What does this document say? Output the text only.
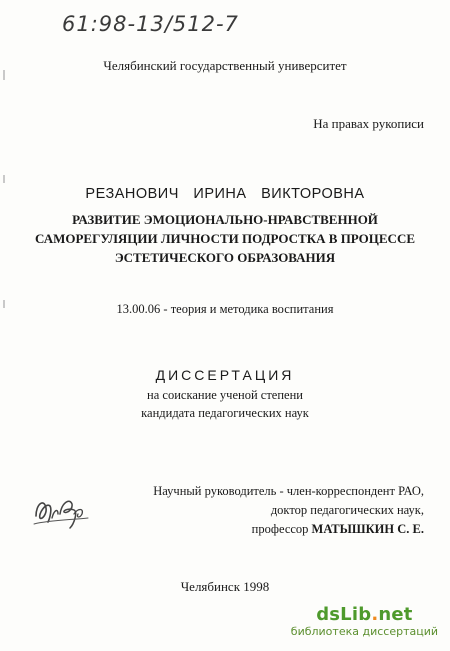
61:98-13/512-7
Челябинский государственный университет
На правах рукописи
РЕЗАНОВИЧ ИРИНА ВИКТОРОВНА
РАЗВИТИЕ ЭМОЦИОНАЛЬНО-НРАВСТВЕННОЙ
САМОРЕГУЛЯЦИИ ЛИЧНОСТИ ПОДРОСТКА В ПРОЦЕССЕ
ЭСТЕТИЧЕСКОГО ОБРАЗОВАНИЯ
13.00.06 - теория и методика воспитания
ДИССЕРТАЦИЯ
на соискание ученой степени
кандидата педагогических наук
Научный руководитель - член-корреспондент РАО,
доктор педагогических наук,
профессор МАТЫШКИН С. Е.
Челябинск 1998
dsLib.net
библиотека диссертаций
